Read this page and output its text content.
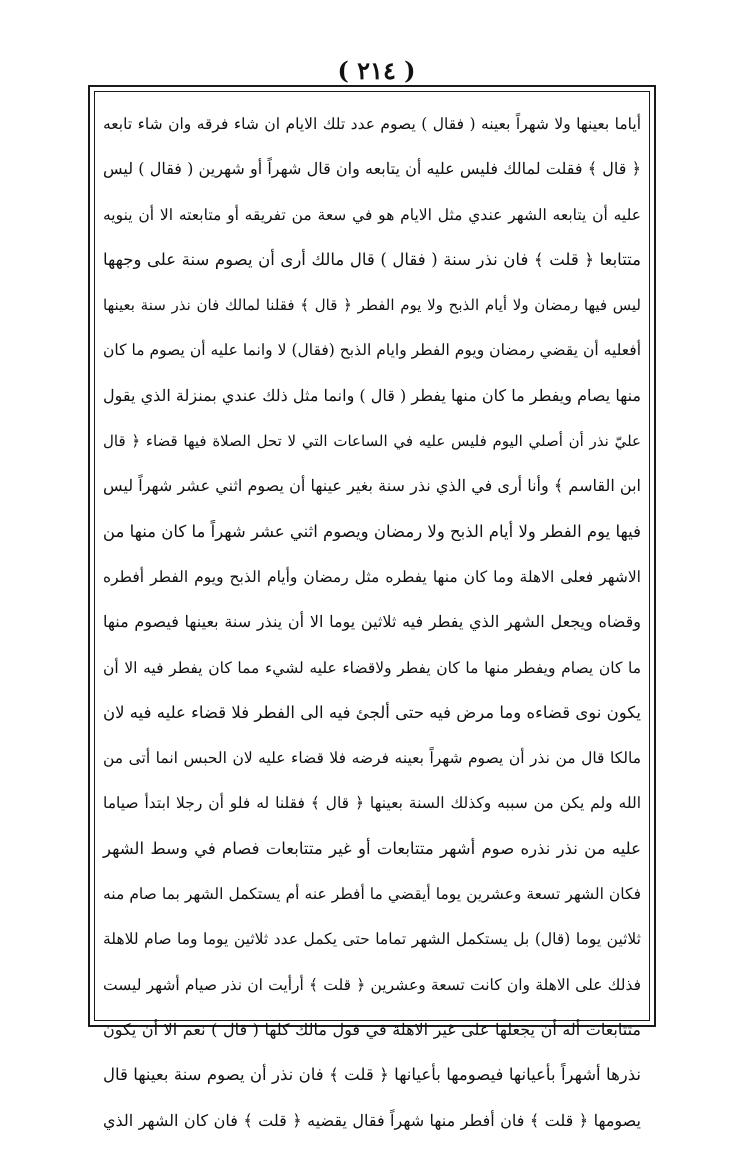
( ٢١٤ )
أياما بعينها ولا شهراً بعينه ( فقال ) يصوم عدد تلك الايام ان شاء فرقه وان شاء تابعه
﴿ قال ﴾ فقلت لمالك فليس عليه أن يتابعه وان قال شهراً أو شهرين ( فقال ) ليس
عليه أن يتابعه الشهر عندي مثل الايام هو في سعة من تفريقه أو متابعته الا أن ينويه
متتابعا ﴿ قلت ﴾ فان نذر سنة ( فقال ) قال مالك أرى أن يصوم سنة على وجهها
ليس فيها رمضان ولا أيام الذبح ولا يوم الفطر ﴿ قال ﴾ فقلنا لمالك فان نذر سنة بعينها
أفعليه أن يقضي رمضان ويوم الفطر وايام الذبح (فقال) لا وانما عليه أن يصوم ما كان
منها يصام ويفطر ما كان منها يفطر ( قال ) وانما مثل ذلك عندي بمنزلة الذي يقول
عليّ نذر أن أصلي اليوم فليس عليه في الساعات التي لا تحل الصلاة فيها قضاء ﴿ قال
ابن القاسم ﴾ وأنا أرى في الذي نذر سنة بغير عينها أن يصوم اثني عشر شهراً ليس
فيها يوم الفطر ولا أيام الذبح ولا رمضان ويصوم اثني عشر شهراً ما كان منها من
الاشهر فعلى الاهلة وما كان منها يفطره مثل رمضان وأيام الذبح ويوم الفطر أفطره
وقضاه ويجعل الشهر الذي يفطر فيه ثلاثين يوما الا أن ينذر سنة بعينها فيصوم منها
ما كان يصام ويفطر منها ما كان يفطر ولاقضاء عليه لشيء مما كان يفطر فيه الا أن
يكون نوى قضاءه وما مرض فيه حتى ألجئ فيه الى الفطر فلا قضاء عليه فيه لان
مالكا قال من نذر أن يصوم شهراً بعينه فرضه فلا قضاء عليه لان الحبس انما أتى من
الله ولم يكن من سببه وكذلك السنة بعينها ﴿ قال ﴾ فقلنا له فلو أن رجلا ابتدأ صياما
عليه من نذر نذره صوم أشهر متتابعات أو غير متتابعات فصام في وسط الشهر
فكان الشهر تسعة وعشرين يوما أيقضي ما أفطر عنه أم يستكمل الشهر بما صام منه
ثلاثين يوما (قال) بل يستكمل الشهر تماما حتى يكمل عدد ثلاثين يوما وما صام للاهلة
فذلك على الاهلة وان كانت تسعة وعشرين ﴿ قلت ﴾ أرأيت ان نذر صيام أشهر ليست
متتابعات أله أن يجعلها على غير الاهلة في قول مالك كلها ( قال ) نعم الا أن يكون
نذرها أشهراً بأعيانها فيصومها بأعيانها ﴿ قلت ﴾ فان نذر أن يصوم سنة بعينها قال
يصومها ﴿ قلت ﴾ فان أفطر منها شهراً فقال يقضيه ﴿ قلت ﴾ فان كان الشهر الذي
